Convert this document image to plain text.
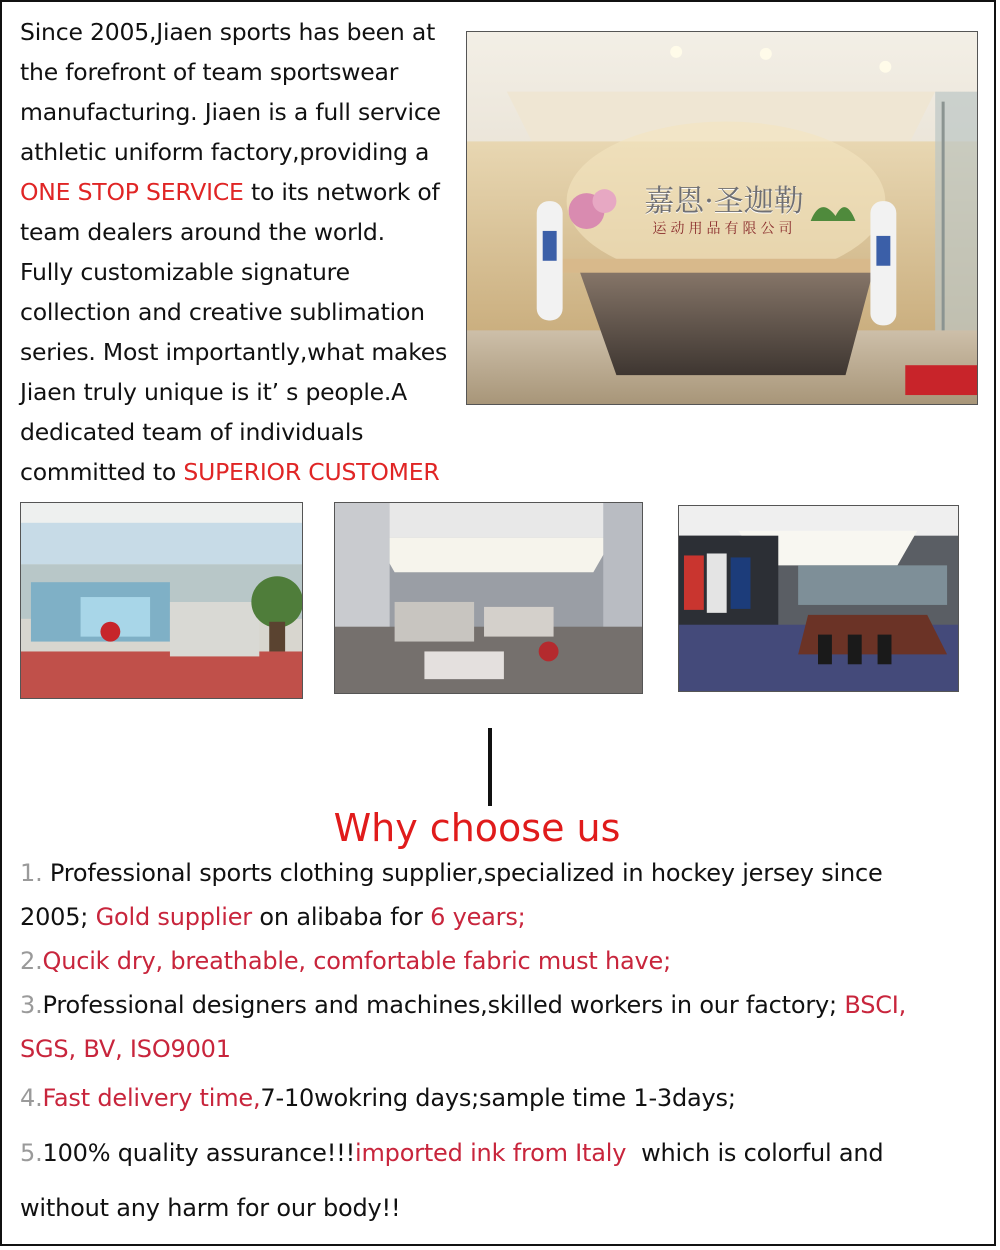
Since 2005,Jiaen sports has been at
the forefront of team sportswear
manufacturing. Jiaen is a full service
athletic uniform factory,providing a
ONE STOP SERVICE to its network of
team dealers around the world.
Fully customizable signature
collection and creative sublimation
series. Most importantly,what makes
Jiaen truly unique is it’ s people.A
dedicated team of individuals
committed to SUPERIOR CUSTOMER
嘉恩·圣迦勒
运动用品有限公司
Why choose us
1. Professional sports clothing supplier,specialized in hockey jersey since
2005; Gold supplier on alibaba for 6 years;
2.Qucik dry, breathable, comfortable fabric must have;
3.Professional designers and machines,skilled workers in our factory; BSCI,
SGS, BV, ISO9001
4.Fast delivery time,7-10wokring days;sample time 1-3days;
5.100% quality assurance!!!imported ink from Italy  which is colorful and
without any harm for our body!!
